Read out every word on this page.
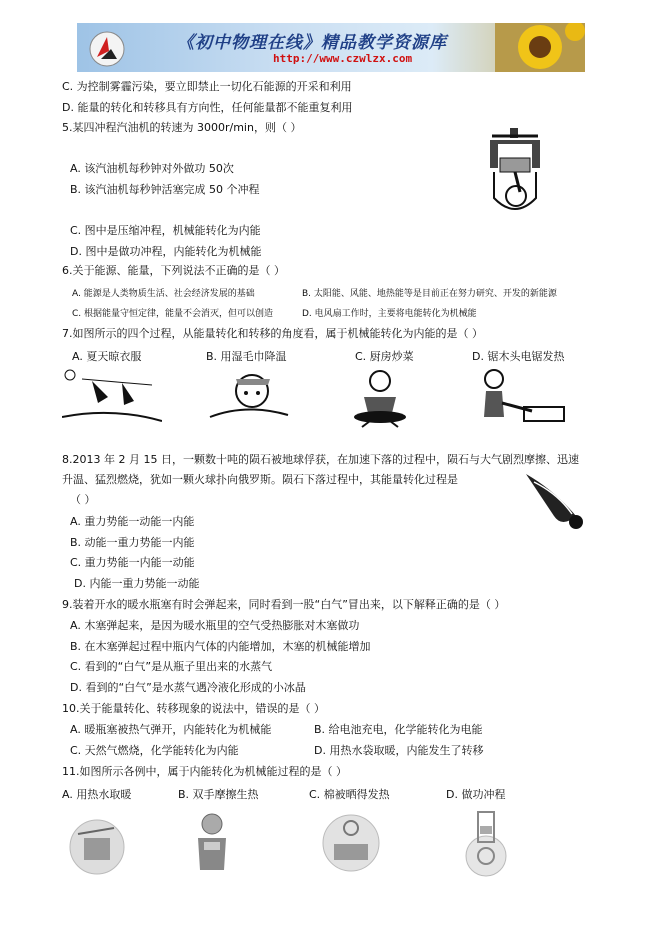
《初中物理在线》精品教学资源库
http://www.czwlzx.com
C. 为控制雾霾污染，要立即禁止一切化石能源的开采和利用
D. 能量的转化和转移具有方向性，任何能量都不能重复利用
5.某四冲程汽油机的转速为 3000r/min，则（ ）
A. 该汽油机每秒钟对外做功 50次
B. 该汽油机每秒钟活塞完成 50 个冲程
C. 图中是压缩冲程，机械能转化为内能
D. 图中是做功冲程，内能转化为机械能
6.关于能源、能量，下列说法不正确的是（ ）
A. 能源是人类物质生活、社会经济发展的基础	B. 太阳能、风能、地热能等是目前正在努力研究、开发的新能源
C. 根据能量守恒定律，能量不会消灭，但可以创造	D. 电风扇工作时，主要将电能转化为机械能
7.如图所示的四个过程，从能量转化和转移的角度看，属于机械能转化为内能的是（ ）
A. 夏天晾衣服	B. 用湿毛巾降温	C. 厨房炒菜	D. 锯木头电锯发热
8.2013 年 2 月 15 日，一颗数十吨的陨石被地球俘获，在加速下落的过程中，陨石与大气剧烈摩擦、迅速
升温、猛烈燃烧，犹如一颗火球扑向俄罗斯。陨石下落过程中，其能量转化过程是
（ ）
A. 重力势能一动能一内能
B. 动能一重力势能一内能
C. 重力势能一内能一动能
D. 内能一重力势能一动能
9.装着开水的暖水瓶塞有时会弹起来，同时看到一股“白气”冒出来，以下解释正确的是（ ）
A. 木塞弹起来，是因为暖水瓶里的空气受热膨胀对木塞做功
B. 在木塞弹起过程中瓶内气体的内能增加，木塞的机械能增加
C. 看到的“白气”是从瓶子里出来的水蒸气
D. 看到的“白气”是水蒸气遇冷液化形成的小冰晶
10.关于能量转化、转移现象的说法中，错误的是（ ）
A. 暖瓶塞被热气弹开，内能转化为机械能	B. 给电池充电，化学能转化为电能
C. 天然气燃烧，化学能转化为内能	D. 用热水袋取暖，内能发生了转移
11.如图所示各例中，属于内能转化为机械能过程的是（ ）
A. 用热水取暖	B. 双手摩擦生热	C. 棉被晒得发热	D. 做功冲程
